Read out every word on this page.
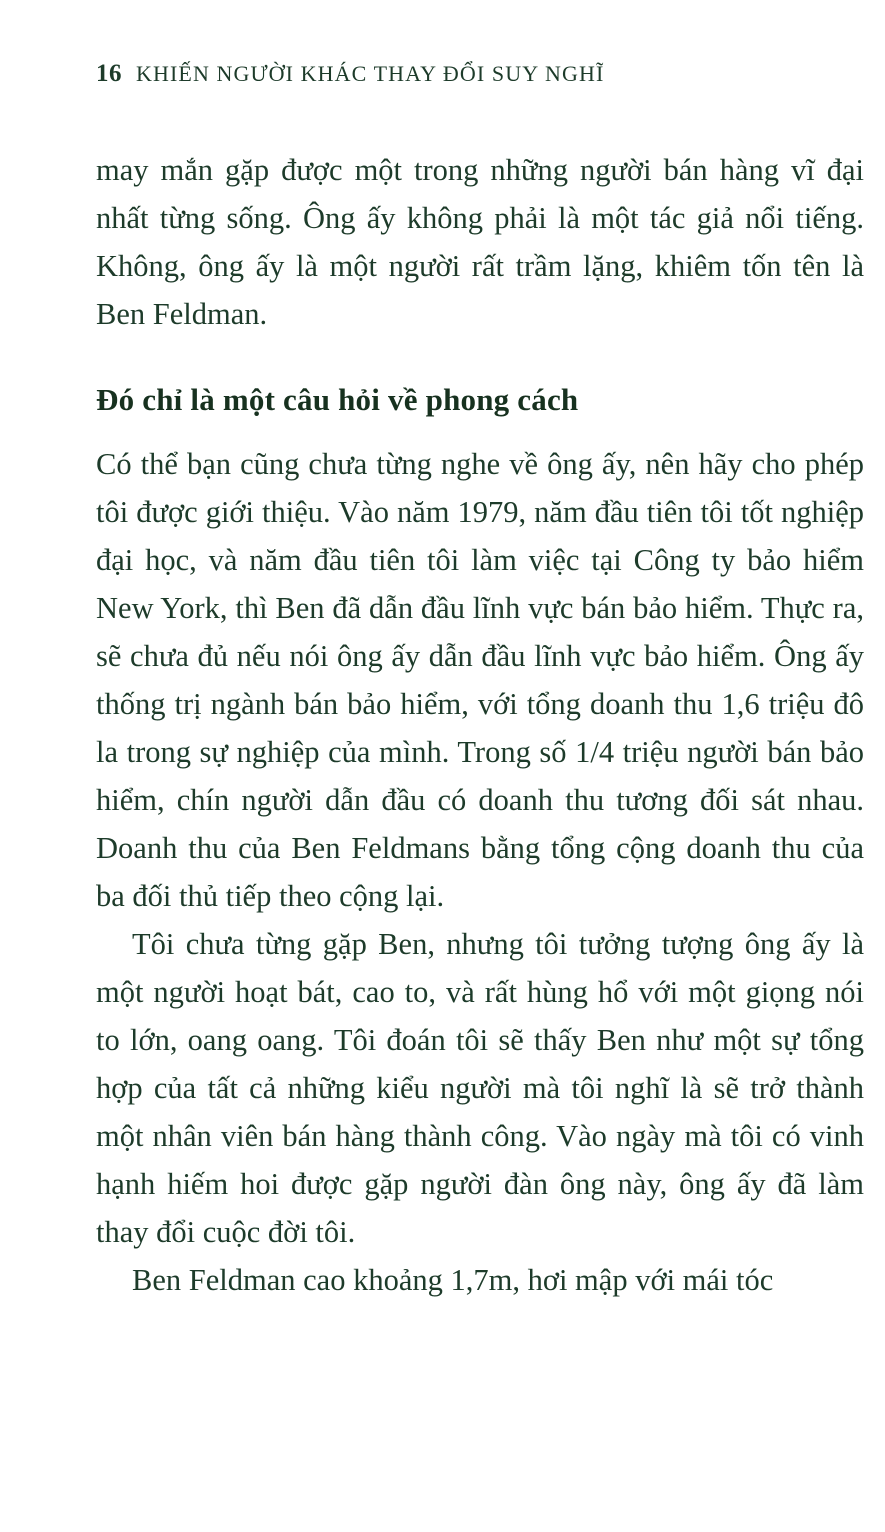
16 KHIẾN NGƯỜI KHÁC THAY ĐỔI SUY NGHĨ

may mắn gặp được một trong những người bán hàng vĩ đại nhất từng sống. Ông ấy không phải là một tác giả nổi tiếng. Không, ông ấy là một người rất trầm lặng, khiêm tốn tên là Ben Feldman.

Đó chỉ là một câu hỏi về phong cách

Có thể bạn cũng chưa từng nghe về ông ấy, nên hãy cho phép tôi được giới thiệu. Vào năm 1979, năm đầu tiên tôi tốt nghiệp đại học, và năm đầu tiên tôi làm việc tại Công ty bảo hiểm New York, thì Ben đã dẫn đầu lĩnh vực bán bảo hiểm. Thực ra, sẽ chưa đủ nếu nói ông ấy dẫn đầu lĩnh vực bảo hiểm. Ông ấy thống trị ngành bán bảo hiểm, với tổng doanh thu 1,6 triệu đô la trong sự nghiệp của mình. Trong số 1/4 triệu người bán bảo hiểm, chín người dẫn đầu có doanh thu tương đối sát nhau. Doanh thu của Ben Feldmans bằng tổng cộng doanh thu của ba đối thủ tiếp theo cộng lại.

Tôi chưa từng gặp Ben, nhưng tôi tưởng tượng ông ấy là một người hoạt bát, cao to, và rất hùng hổ với một giọng nói to lớn, oang oang. Tôi đoán tôi sẽ thấy Ben như một sự tổng hợp của tất cả những kiểu người mà tôi nghĩ là sẽ trở thành một nhân viên bán hàng thành công. Vào ngày mà tôi có vinh hạnh hiếm hoi được gặp người đàn ông này, ông ấy đã làm thay đổi cuộc đời tôi.

Ben Feldman cao khoảng 1,7m, hơi mập với mái tóc
